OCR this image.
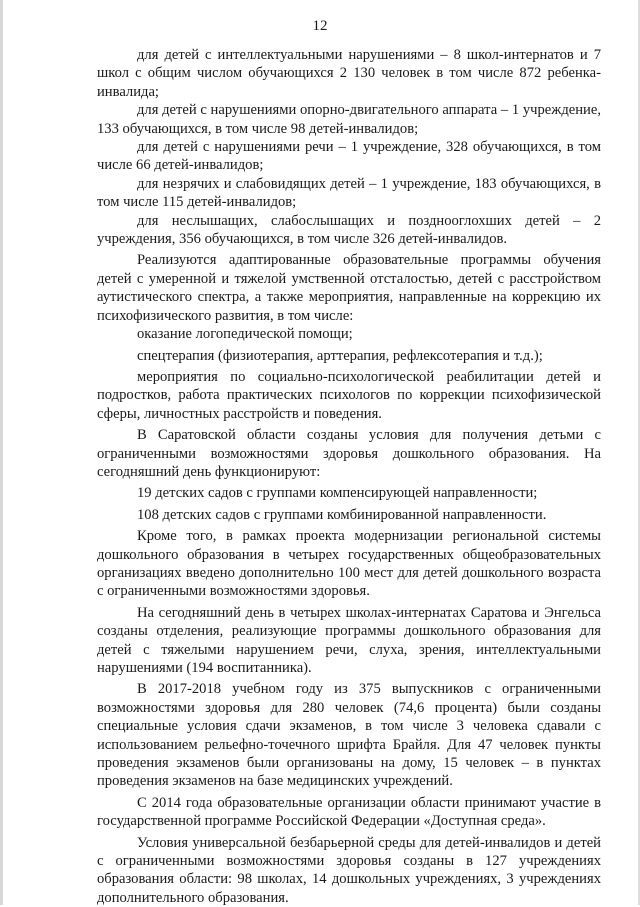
12

для детей с интеллектуальными нарушениями – 8 школ-интернатов и 7 школ с общим числом обучающихся 2 130 человек в том числе 872 ребенка-инвалида;

для детей с нарушениями опорно-двигательного аппарата – 1 учреждение, 133 обучающихся, в том числе 98 детей-инвалидов;

для детей с нарушениями речи – 1 учреждение, 328 обучающихся, в том числе 66 детей-инвалидов;

для незрячих и слабовидящих детей – 1 учреждение, 183 обучающихся, в том числе 115 детей-инвалидов;

для неслышащих, слабослышащих и позднооглохших детей – 2 учреждения, 356 обучающихся, в том числе 326 детей-инвалидов.

Реализуются адаптированные образовательные программы обучения детей с умеренной и тяжелой умственной отсталостью, детей с расстройством аутистического спектра, а также мероприятия, направленные на коррекцию их психофизического развития, в том числе:

оказание логопедической помощи;

спецтерапия (физиотерапия, арттерапия, рефлексотерапия и т.д.);

мероприятия по социально-психологической реабилитации детей и подростков, работа практических психологов по коррекции психофизической сферы, личностных расстройств и поведения.

В Саратовской области созданы условия для получения детьми с ограниченными возможностями здоровья дошкольного образования. На сегодняшний день функционируют:

19 детских садов с группами компенсирующей направленности;

108 детских садов с группами комбинированной направленности.

Кроме того, в рамках проекта модернизации региональной системы дошкольного образования в четырех государственных общеобразовательных организациях введено дополнительно 100 мест для детей дошкольного возраста с ограниченными возможностями здоровья.

На сегодняшний день в четырех школах-интернатах Саратова и Энгельса созданы отделения, реализующие программы дошкольного образования для детей с тяжелыми нарушением речи, слуха, зрения, интеллектуальными нарушениями (194 воспитанника).

В 2017-2018 учебном году из 375 выпускников с ограниченными возможностями здоровья для 280 человек (74,6 процента) были созданы специальные условия сдачи экзаменов, в том числе 3 человека сдавали с использованием рельефно-точечного шрифта Брайля. Для 47 человек пункты проведения экзаменов были организованы на дому, 15 человек – в пунктах проведения экзаменов на базе медицинских учреждений.

С 2014 года образовательные организации области принимают участие в государственной программе Российской Федерации «Доступная среда».

Условия универсальной безбарьерной среды для детей-инвалидов и детей с ограниченными возможностями здоровья созданы в 127 учреждениях образования области: 98 школах, 14 дошкольных учреждениях, 3 учреждениях дополнительного образования.
